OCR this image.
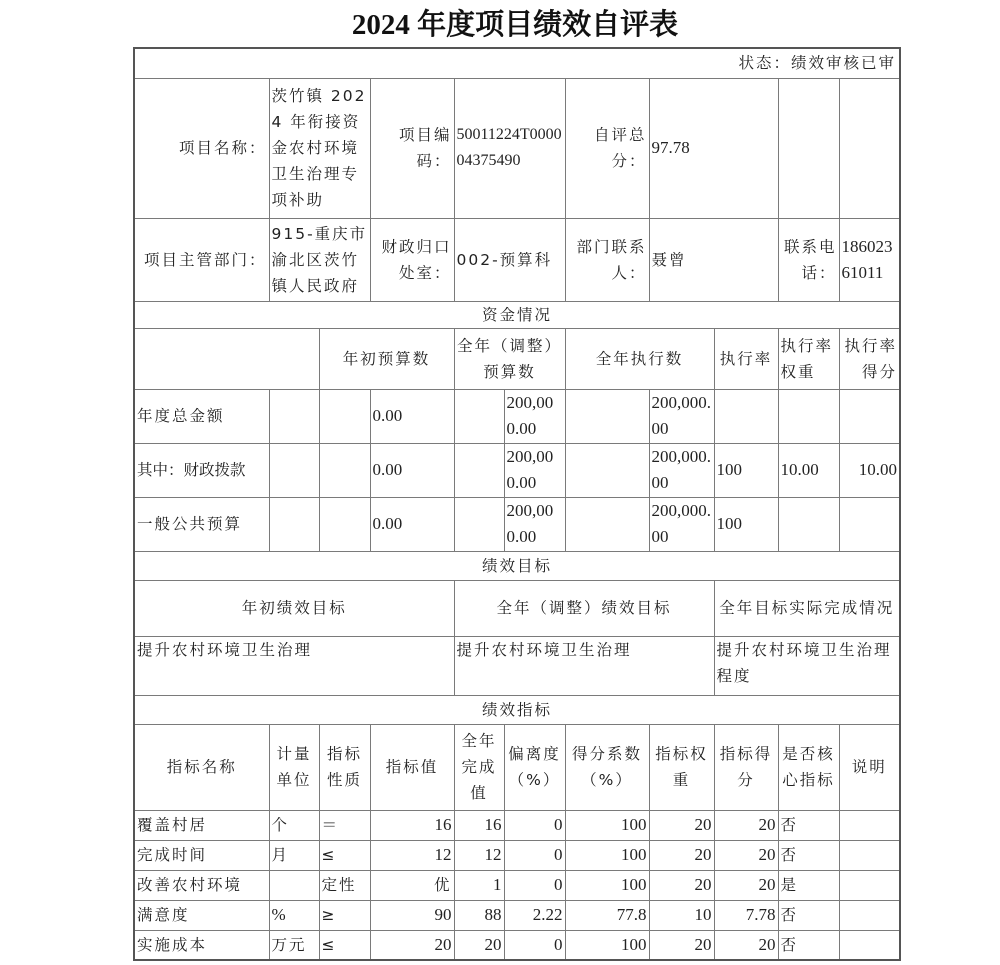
2024 年度项目绩效自评表
状态：绩效审核已审										
项目名称：	茨竹镇 2024 年衔接资金农村环境卫生治理专项补助		项目编码：	50011224T000004375490		自评总分：	97.78			
项目主管部门：	915-重庆市渝北区茨竹镇人民政府		财政归口处室：	002-预算科		部门联系人：	聂曾		联系电话：	18602361011
资金情况										
		年初预算数		全年（调整）预算数		全年执行数		执行率	执行率权重	执行率得分
年度总金额			0.00		200,000.00		200,000.00			
其中：财政拨款			0.00		200,000.00		200,000.00	100	10.00	10.00
一般公共预算			0.00		200,000.00		200,000.00	100		
绩效目标										
年初绩效目标				全年（调整）绩效目标				全年目标实际完成情况		
提升农村环境卫生治理				提升农村环境卫生治理				提升农村环境卫生治理程度		
绩效指标										
指标名称	计量单位	指标性质	指标值	全年完成值	偏离度（%）	得分系数（%）	指标权重	指标得分	是否核心指标	说明
覆盖村居	个	＝	16	16	0	100	20	20	否	
完成时间	月	≤	12	12	0	100	20	20	否	
改善农村环境		定性	优	1	0	100	20	20	是	
满意度	%	≥	90	88	2.22	77.8	10	7.78	否	
实施成本	万元	≤	20	20	0	100	20	20	否	
